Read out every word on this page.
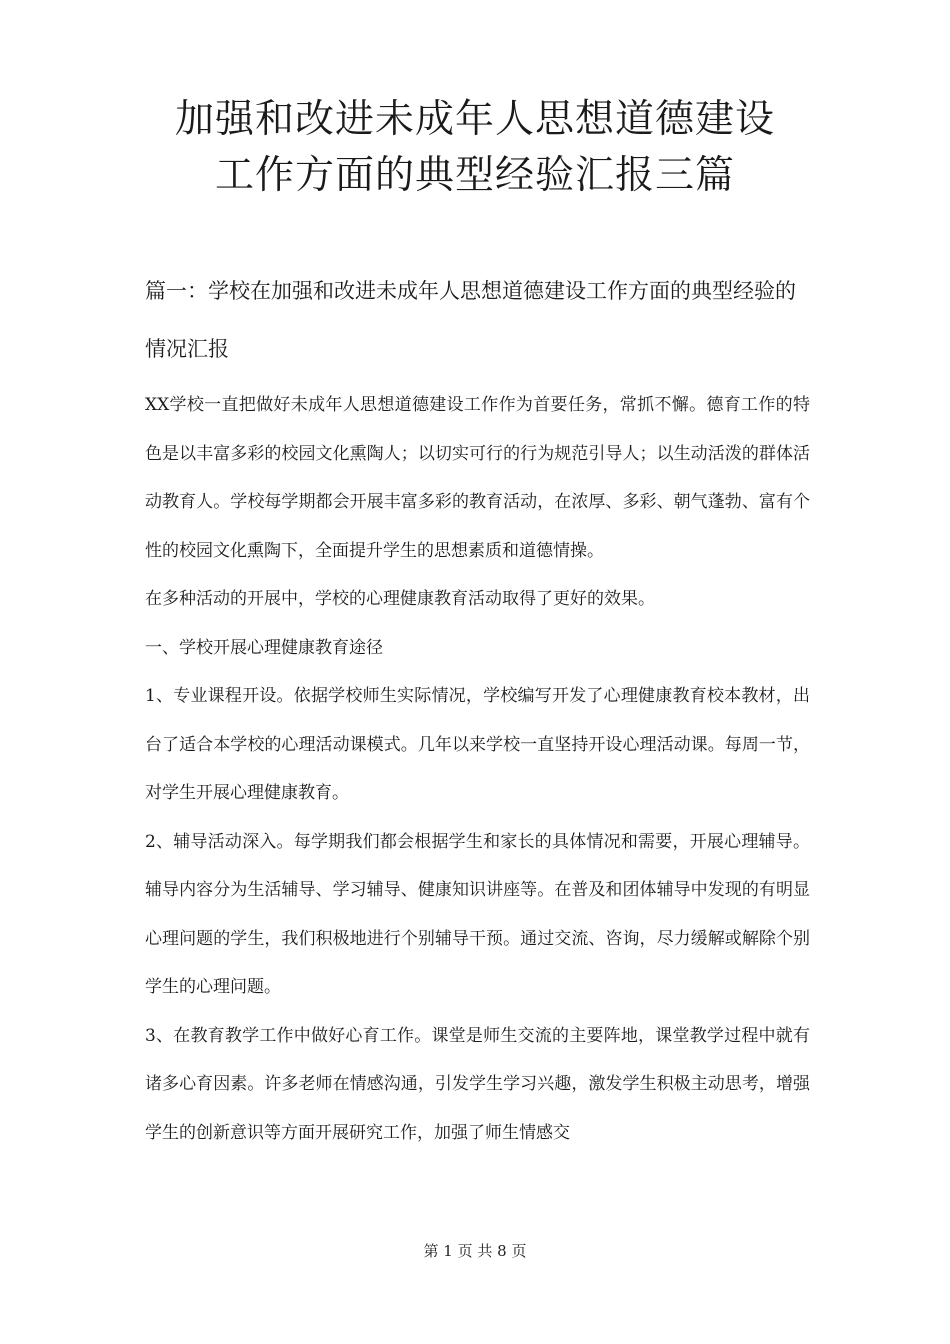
加强和改进未成年人思想道德建设
工作方面的典型经验汇报三篇
篇一：学校在加强和改进未成年人思想道德建设工作方面的典型经验的情况汇报

XX学校一直把做好未成年人思想道德建设工作作为首要任务，常抓不懈。德育工作的特色是以丰富多彩的校园文化熏陶人；以切实可行的行为规范引导人；以生动活泼的群体活动教育人。学校每学期都会开展丰富多彩的教育活动，在浓厚、多彩、朝气蓬勃、富有个性的校园文化熏陶下，全面提升学生的思想素质和道德情操。

在多种活动的开展中，学校的心理健康教育活动取得了更好的效果。

一、学校开展心理健康教育途径

1、专业课程开设。依据学校师生实际情况，学校编写开发了心理健康教育校本教材，出台了适合本学校的心理活动课模式。几年以来学校一直坚持开设心理活动课。每周一节，对学生开展心理健康教育。

2、辅导活动深入。每学期我们都会根据学生和家长的具体情况和需要，开展心理辅导。辅导内容分为生活辅导、学习辅导、健康知识讲座等。在普及和团体辅导中发现的有明显心理问题的学生，我们积极地进行个别辅导干预。通过交流、咨询，尽力缓解或解除个别学生的心理问题。

3、在教育教学工作中做好心育工作。课堂是师生交流的主要阵地，课堂教学过程中就有诸多心育因素。许多老师在情感沟通，引发学生学习兴趣，激发学生积极主动思考，增强学生的创新意识等方面开展研究工作，加强了师生情感交

第 1 页 共 8 页
